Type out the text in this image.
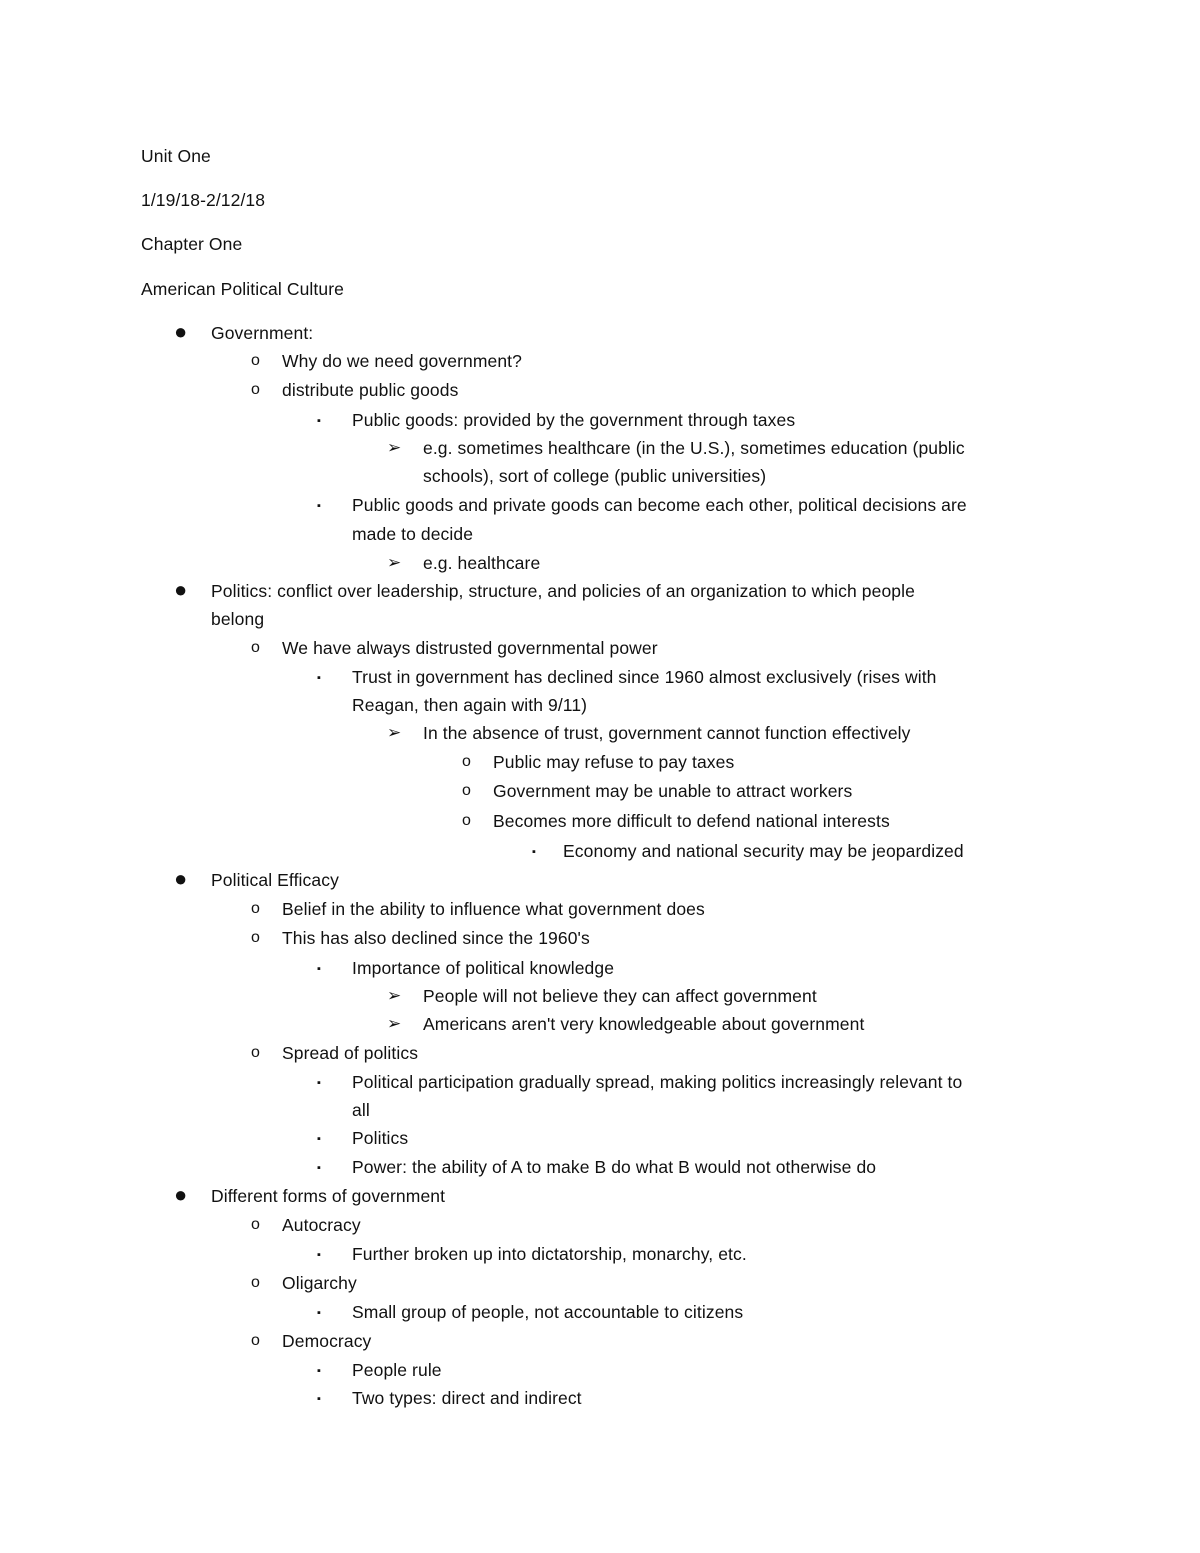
Unit One
1/19/18-2/12/18
Chapter One
American Political Culture
● Government:
o Why do we need government?
o distribute public goods
▪ Public goods: provided by the government through taxes
➢ e.g. sometimes healthcare (in the U.S.), sometimes education (public
schools), sort of college (public universities)
▪ Public goods and private goods can become each other, political decisions are
made to decide
➢ e.g. healthcare
● Politics: conflict over leadership, structure, and policies of an organization to which people
belong
o We have always distrusted governmental power
▪ Trust in government has declined since 1960 almost exclusively (rises with
Reagan, then again with 9/11)
➢ In the absence of trust, government cannot function effectively
o Public may refuse to pay taxes
o Government may be unable to attract workers
o Becomes more difficult to defend national interests
▪ Economy and national security may be jeopardized
● Political Efficacy
o Belief in the ability to influence what government does
o This has also declined since the 1960's
▪ Importance of political knowledge
➢ People will not believe they can affect government
➢ Americans aren't very knowledgeable about government
o Spread of politics
▪ Political participation gradually spread, making politics increasingly relevant to
all
▪ Politics
▪ Power: the ability of A to make B do what B would not otherwise do
● Different forms of government
o Autocracy
▪ Further broken up into dictatorship, monarchy, etc.
o Oligarchy
▪ Small group of people, not accountable to citizens
o Democracy
▪ People rule
▪ Two types: direct and indirect
